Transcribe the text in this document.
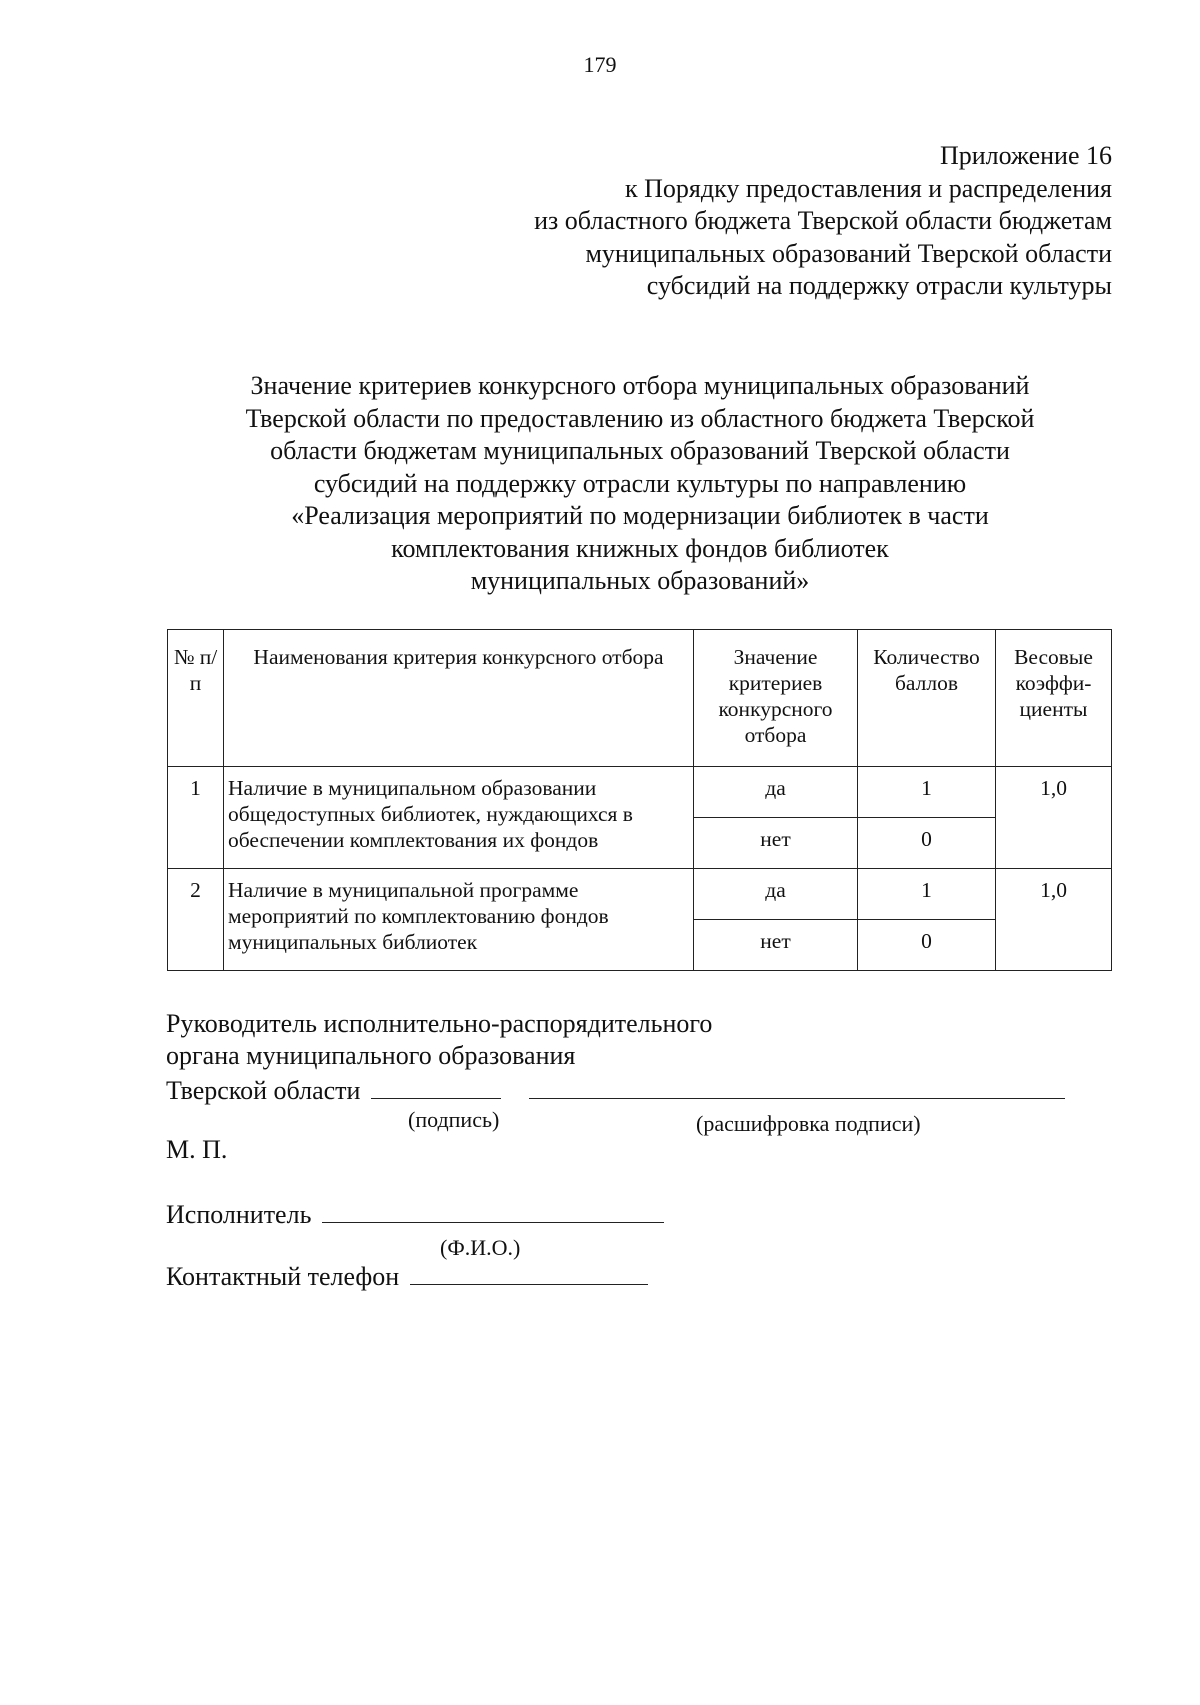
179
Приложение 16
к Порядку предоставления и распределения
из областного бюджета Тверской области бюджетам
муниципальных образований Тверской области
субсидий на поддержку отрасли культуры
Значение критериев конкурсного отбора муниципальных образований
Тверской области по предоставлению из областного бюджета Тверской
области бюджетам муниципальных образований Тверской области
субсидий на поддержку отрасли культуры по направлению
«Реализация мероприятий по модернизации библиотек в части
комплектования книжных фондов библиотек
муниципальных образований»
№ п/п	Наименования критерия конкурсного отбора	Значение критериев конкурсного отбора	Количество баллов	Весовые коэффи- циенты
1	Наличие в муниципальном образовании общедоступных библиотек, нуждающихся в обеспечении комплектования их фондов	да	1	1,0
		нет	0	
2	Наличие в муниципальной программе мероприятий по комплектованию фондов муниципальных библиотек	да	1	1,0
		нет	0	
Руководитель исполнительно-распорядительного
органа муниципального образования
Тверской области
(подпись)	(расшифровка подписи)
М. П.
Исполнитель
(Ф.И.О.)
Контактный телефон
